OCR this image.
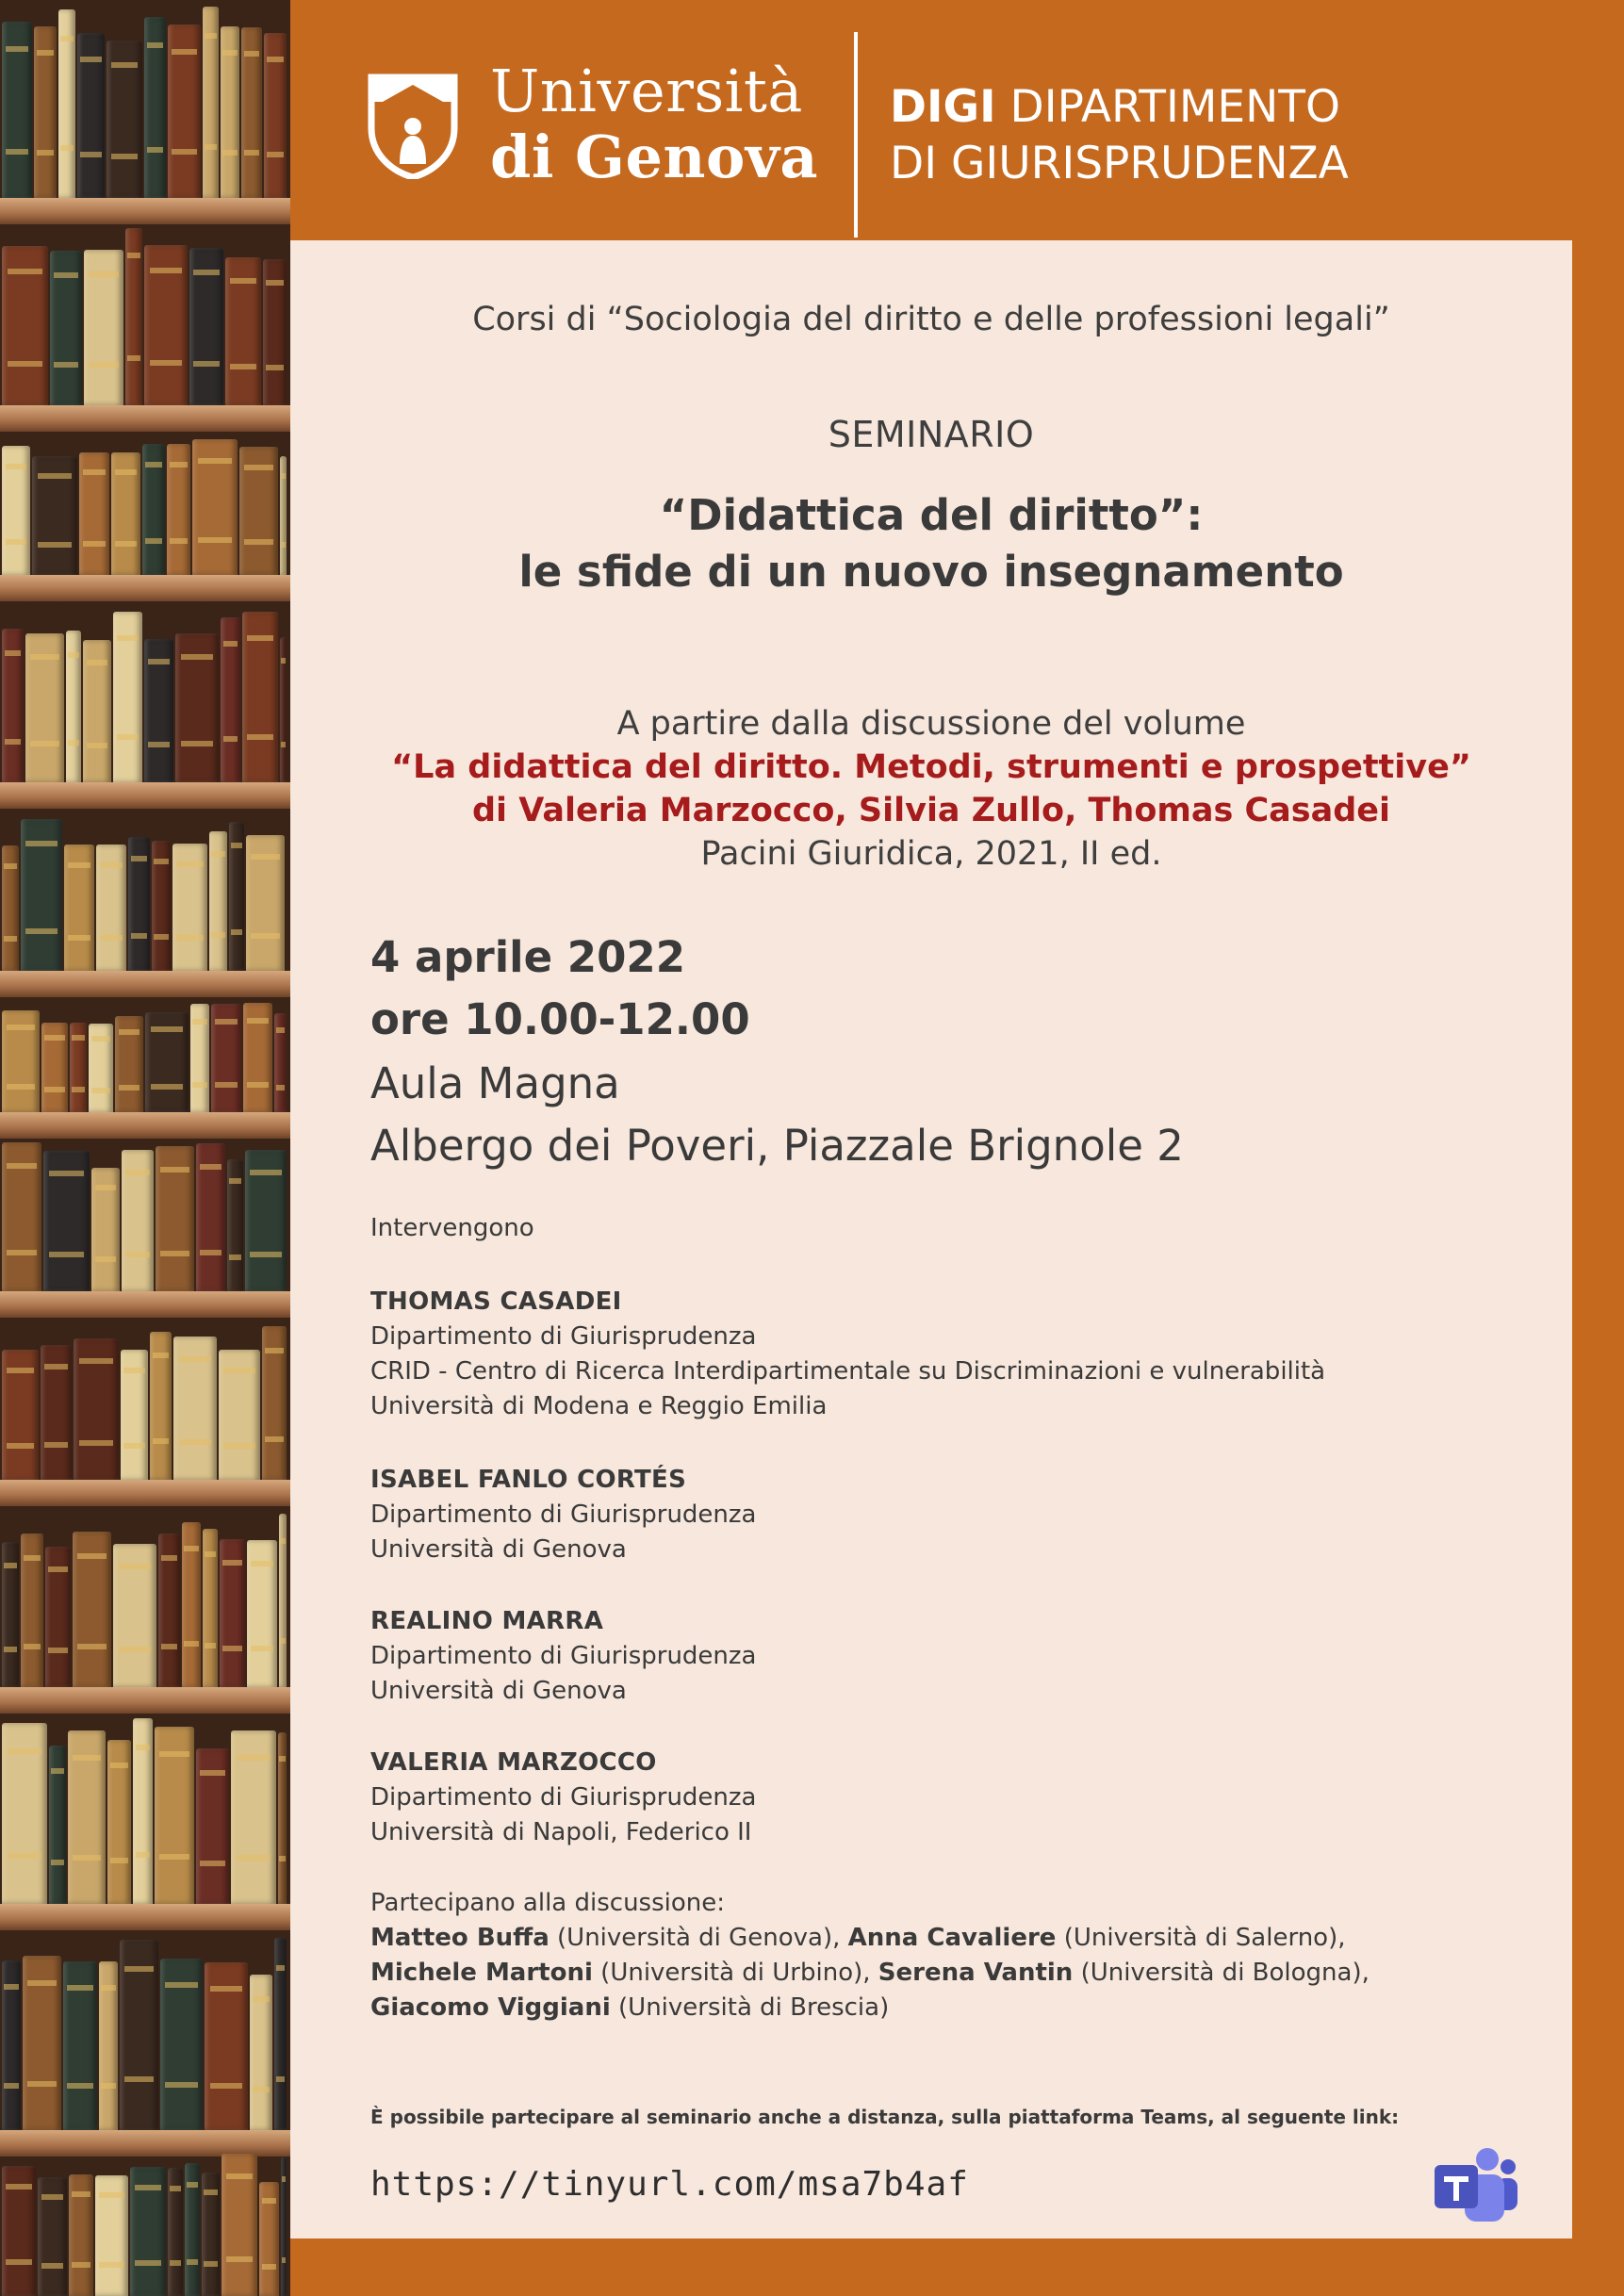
Università
di Genova
DIGI DIPARTIMENTO
DI GIURISPRUDENZA
Corsi di “Sociologia del diritto e delle professioni legali”
SEMINARIO
“Didattica del diritto”:
le sfide di un nuovo insegnamento
A partire dalla discussione del volume
“La didattica del diritto. Metodi, strumenti e prospettive”
di Valeria Marzocco, Silvia Zullo, Thomas Casadei
Pacini Giuridica, 2021, II ed.
4 aprile 2022
ore 10.00-12.00
Aula Magna
Albergo dei Poveri, Piazzale Brignole 2
Intervengono
THOMAS CASADEI
Dipartimento di Giurisprudenza
CRID - Centro di Ricerca Interdipartimentale su Discriminazioni e vulnerabilità
Università di Modena e Reggio Emilia
ISABEL FANLO CORTÉS
Dipartimento di Giurisprudenza
Università di Genova
REALINO MARRA
Dipartimento di Giurisprudenza
Università di Genova
VALERIA MARZOCCO
Dipartimento di Giurisprudenza
Università di Napoli, Federico II
Partecipano alla discussione:
Matteo Buffa (Università di Genova), Anna Cavaliere (Università di Salerno),
Michele Martoni (Università di Urbino), Serena Vantin (Università di Bologna),
Giacomo Viggiani (Università di Brescia)
È possibile partecipare al seminario anche a distanza, sulla piattaforma Teams, al seguente link:
https://tinyurl.com/msa7b4af
